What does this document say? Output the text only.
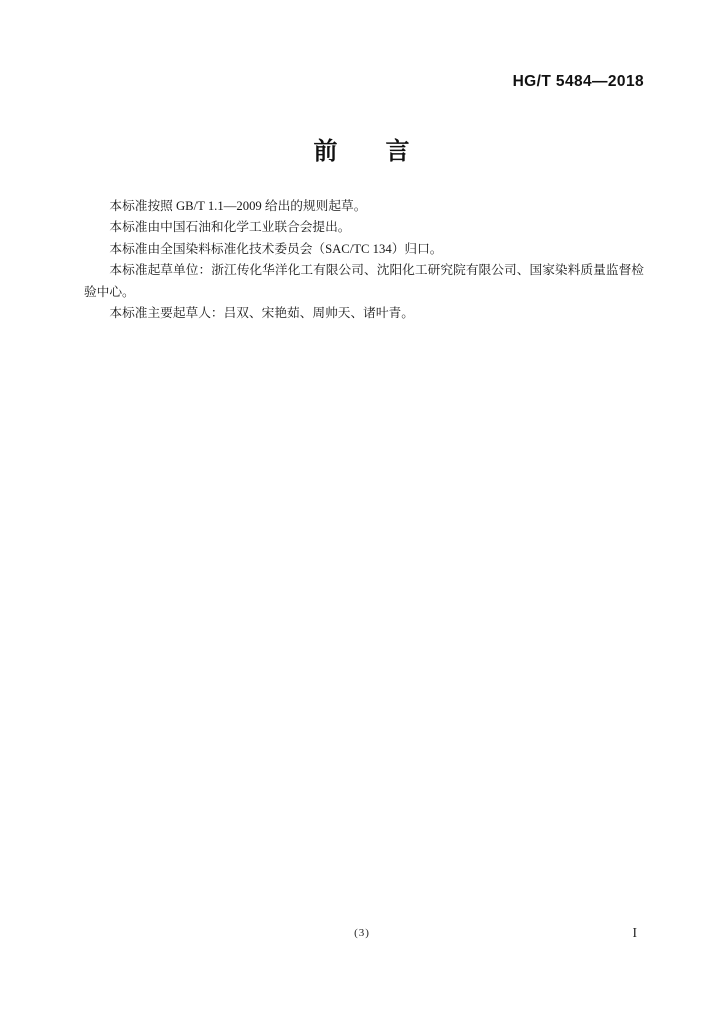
HG/T 5484—2018
前 言

本标准按照 GB/T 1.1—2009 给出的规则起草。

本标准由中国石油和化学工业联合会提出。

本标准由全国染料标准化技术委员会（SAC/TC 134）归口。

本标准起草单位：浙江传化华洋化工有限公司、沈阳化工研究院有限公司、国家染料质量监督检验中心。

本标准主要起草人：吕双、宋艳茹、周帅天、诸叶青。

(3)	I
